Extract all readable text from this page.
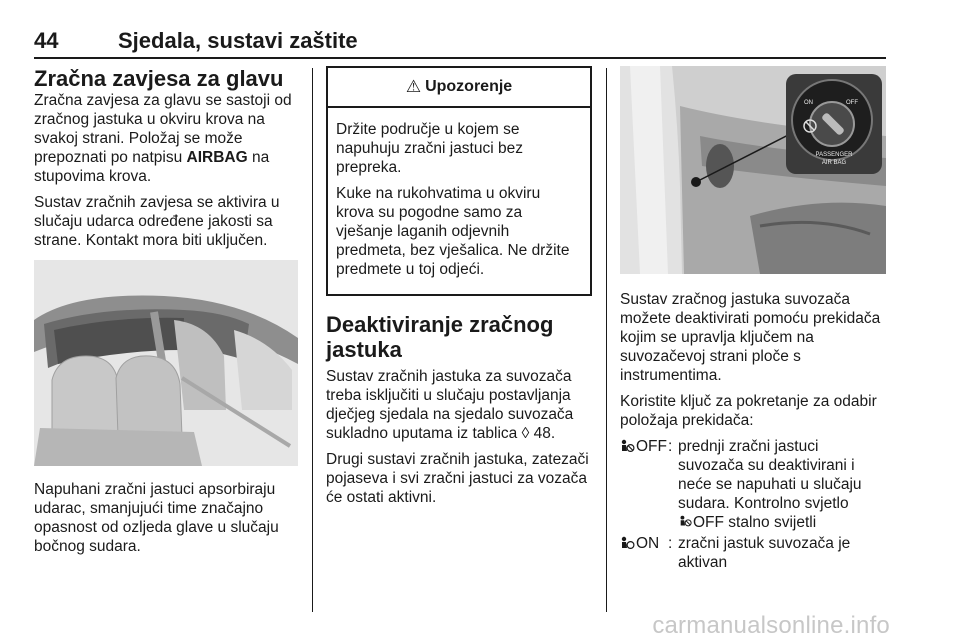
44	Sjedala, sustavi zaštite
Zračna zavjesa za glavu

Zračna zavjesa za glavu se sastoji od zračnog jastuka u okviru krova na svakoj strani. Položaj se može prepoznati po natpisu AIRBAG na stupovima krova.

Sustav zračnih zavjesa se aktivira u slučaju udarca određene jakosti sa strane. Kontakt mora biti uključen.

Napuhani zračni jastuci apsorbiraju udarac, smanjujući time značajno opasnost od ozljeda glave u slučaju bočnog sudara.

⚠ Upozorenje

Držite područje u kojem se napuhuju zračni jastuci bez prepreka.

Kuke na rukohvatima u okviru krova su pogodne samo za vješanje laganih odjevnih predmeta, bez vješalica. Ne držite predmete u toj odjeći.

Deaktiviranje zračnog jastuka

Sustav zračnih jastuka za suvozača treba isključiti u slučaju postavljanja dječjeg sjedala na sjedalo suvozača sukladno uputama iz tablica ◊ 48.

Drugi sustavi zračnih jastuka, zatezači pojaseva i svi zračni jastuci za vozača će ostati aktivni.

ON	OFF
PASSENGER
AIR BAG

Sustav zračnog jastuka suvozača možete deaktivirati pomoću prekidača kojim se upravlja ključem na suvozačevoj strani ploče s instrumentima.

Koristite ključ za pokretanje za odabir položaja prekidača:

OFF : prednji zračni jastuci suvozača su deaktivirani i neće se napuhati u slučaju sudara. Kontrolno svjetlo
OFF stalno svijetli
ON : zračni jastuk suvozača je aktivan
carmanualsonline.info
